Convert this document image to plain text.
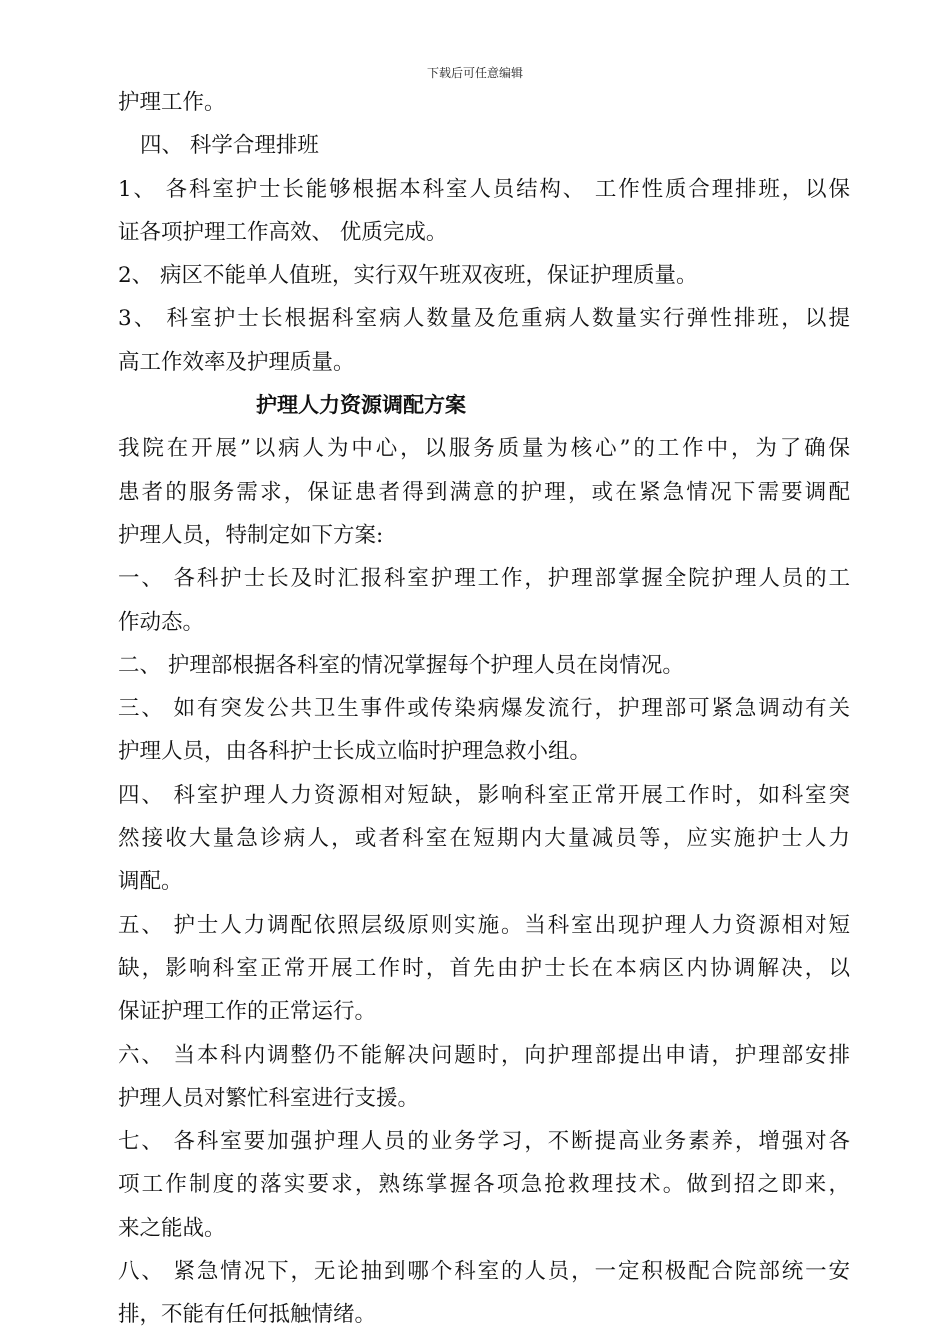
下载后可任意编辑
护理工作。
四、 科学合理排班
1、 各科室护士长能够根据本科室人员结构、 工作性质合理排班，以保
证各项护理工作高效、 优质完成。
2、 病区不能单人值班，实行双午班双夜班，保证护理质量。
3、 科室护士长根据科室病人数量及危重病人数量实行弹性排班，以提
高工作效率及护理质量。
护理人力资源调配方案
我院在开展”以病人为中心，以服务质量为核心”的工作中，为了确保
患者的服务需求，保证患者得到满意的护理，或在紧急情况下需要调配
护理人员，特制定如下方案:
一、 各科护士长及时汇报科室护理工作，护理部掌握全院护理人员的工
作动态。
二、 护理部根据各科室的情况掌握每个护理人员在岗情况。
三、 如有突发公共卫生事件或传染病爆发流行，护理部可紧急调动有关
护理人员，由各科护士长成立临时护理急救小组。
四、 科室护理人力资源相对短缺，影响科室正常开展工作时，如科室突
然接收大量急诊病人，或者科室在短期内大量减员等，应实施护士人力
调配。
五、 护士人力调配依照层级原则实施。当科室出现护理人力资源相对短
缺，影响科室正常开展工作时，首先由护士长在本病区内协调解决，以
保证护理工作的正常运行。
六、 当本科内调整仍不能解决问题时，向护理部提出申请，护理部安排
护理人员对繁忙科室进行支援。
七、 各科室要加强护理人员的业务学习，不断提高业务素养，增强对各
项工作制度的落实要求，熟练掌握各项急抢救理技术。做到招之即来，
来之能战。
八、 紧急情况下，无论抽到哪个科室的人员，一定积极配合院部统一安
排，不能有任何抵触情绪。
